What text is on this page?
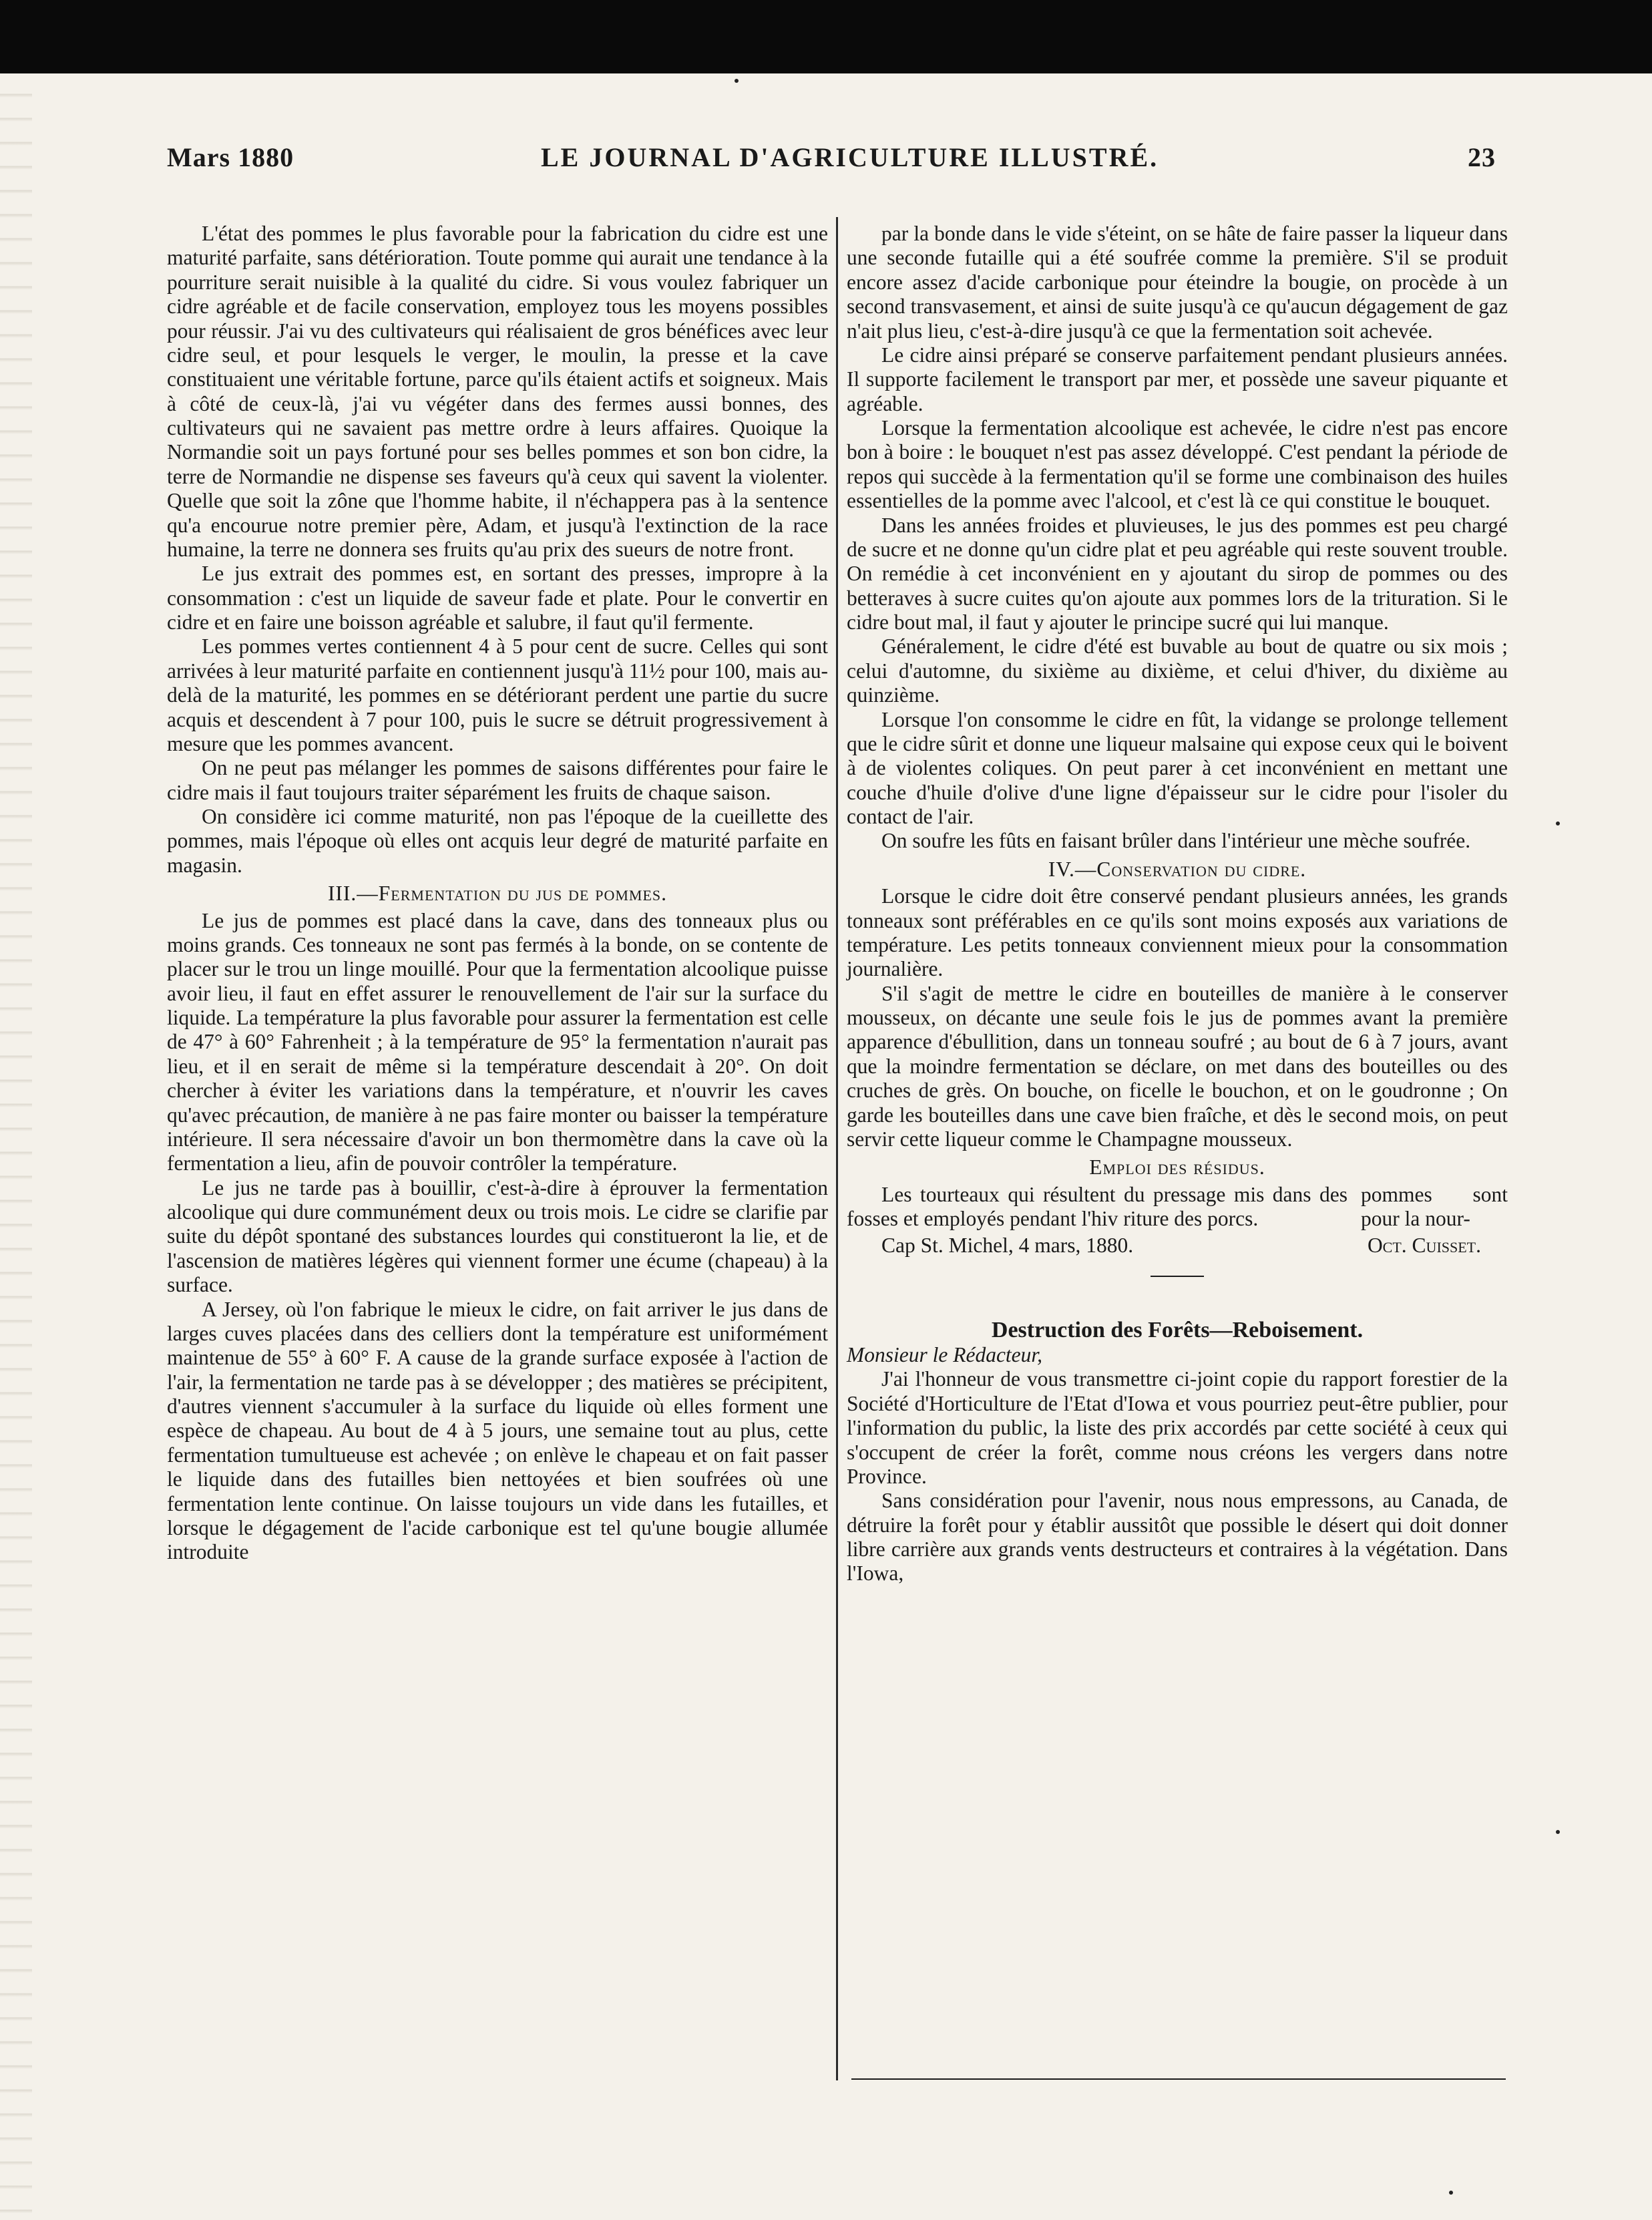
Mars 1880	LE JOURNAL D'AGRICULTURE ILLUSTRÉ.	23

L'état des pommes le plus favorable pour la fabrication du cidre est une maturité parfaite, sans détérioration. Toute pomme qui aurait une tendance à la pourriture serait nuisible à la qualité du cidre. Si vous voulez fabriquer un cidre agréable et de facile conservation, employez tous les moyens possibles pour réussir. J'ai vu des cultivateurs qui réalisaient de gros bénéfices avec leur cidre seul, et pour lesquels le verger, le moulin, la presse et la cave constituaient une véritable fortune, parce qu'ils étaient actifs et soigneux. Mais à côté de ceux-là, j'ai vu végéter dans des fermes aussi bonnes, des cultivateurs qui ne savaient pas mettre ordre à leurs affaires. Quoique la Normandie soit un pays fortuné pour ses belles pommes et son bon cidre, la terre de Normandie ne dispense ses faveurs qu'à ceux qui savent la violenter. Quelle que soit la zône que l'homme habite, il n'échappera pas à la sentence qu'a encourue notre premier père, Adam, et jusqu'à l'extinction de la race humaine, la terre ne donnera ses fruits qu'au prix des sueurs de notre front.

Le jus extrait des pommes est, en sortant des presses, impropre à la consommation : c'est un liquide de saveur fade et plate. Pour le convertir en cidre et en faire une boisson agréable et salubre, il faut qu'il fermente.

Les pommes vertes contiennent 4 à 5 pour cent de sucre. Celles qui sont arrivées à leur maturité parfaite en contiennent jusqu'à 11½ pour 100, mais au-delà de la maturité, les pommes en se détériorant perdent une partie du sucre acquis et descendent à 7 pour 100, puis le sucre se détruit progressivement à mesure que les pommes avancent.

On ne peut pas mélanger les pommes de saisons différentes pour faire le cidre mais il faut toujours traiter séparément les fruits de chaque saison.

On considère ici comme maturité, non pas l'époque de la cueillette des pommes, mais l'époque où elles ont acquis leur degré de maturité parfaite en magasin.

III.—Fermentation du jus de pommes.

Le jus de pommes est placé dans la cave, dans des tonneaux plus ou moins grands. Ces tonneaux ne sont pas fermés à la bonde, on se contente de placer sur le trou un linge mouillé. Pour que la fermentation alcoolique puisse avoir lieu, il faut en effet assurer le renouvellement de l'air sur la surface du liquide. La température la plus favorable pour assurer la fermentation est celle de 47° à 60° Fahrenheit ; à la température de 95° la fermentation n'aurait pas lieu, et il en serait de même si la température descendait à 20°. On doit chercher à éviter les variations dans la température, et n'ouvrir les caves qu'avec précaution, de manière à ne pas faire monter ou baisser la température intérieure. Il sera nécessaire d'avoir un bon thermomètre dans la cave où la fermentation a lieu, afin de pouvoir contrôler la température.

Le jus ne tarde pas à bouillir, c'est-à-dire à éprouver la fermentation alcoolique qui dure communément deux ou trois mois. Le cidre se clarifie par suite du dépôt spontané des substances lourdes qui constitueront la lie, et de l'ascension de matières légères qui viennent former une écume (chapeau) à la surface.

A Jersey, où l'on fabrique le mieux le cidre, on fait arriver le jus dans de larges cuves placées dans des celliers dont la température est uniformément maintenue de 55° à 60° F. A cause de la grande surface exposée à l'action de l'air, la fermentation ne tarde pas à se développer ; des matières se précipitent, d'autres viennent s'accumuler à la surface du liquide où elles forment une espèce de chapeau. Au bout de 4 à 5 jours, une semaine tout au plus, cette fermentation tumultueuse est achevée ; on enlève le chapeau et on fait passer le liquide dans des futailles bien nettoyées et bien soufrées où une fermentation lente continue. On laisse toujours un vide dans les futailles, et lorsque le dégagement de l'acide carbonique est tel qu'une bougie allumée introduite

par la bonde dans le vide s'éteint, on se hâte de faire passer la liqueur dans une seconde futaille qui a été soufrée comme la première. S'il se produit encore assez d'acide carbonique pour éteindre la bougie, on procède à un second transvasement, et ainsi de suite jusqu'à ce qu'aucun dégagement de gaz n'ait plus lieu, c'est-à-dire jusqu'à ce que la fermentation soit achevée.

Le cidre ainsi préparé se conserve parfaitement pendant plusieurs années. Il supporte facilement le transport par mer, et possède une saveur piquante et agréable.

Lorsque la fermentation alcoolique est achevée, le cidre n'est pas encore bon à boire : le bouquet n'est pas assez développé. C'est pendant la période de repos qui succède à la fermentation qu'il se forme une combinaison des huiles essentielles de la pomme avec l'alcool, et c'est là ce qui constitue le bouquet.

Dans les années froides et pluvieuses, le jus des pommes est peu chargé de sucre et ne donne qu'un cidre plat et peu agréable qui reste souvent trouble. On remédie à cet inconvénient en y ajoutant du sirop de pommes ou des betteraves à sucre cuites qu'on ajoute aux pommes lors de la trituration. Si le cidre bout mal, il faut y ajouter le principe sucré qui lui manque.

Généralement, le cidre d'été est buvable au bout de quatre ou six mois ; celui d'automne, du sixième au dixième, et celui d'hiver, du dixième au quinzième.

Lorsque l'on consomme le cidre en fût, la vidange se prolonge tellement que le cidre sûrit et donne une liqueur malsaine qui expose ceux qui le boivent à de violentes coliques. On peut parer à cet inconvénient en mettant une couche d'huile d'olive d'une ligne d'épaisseur sur le cidre pour l'isoler du contact de l'air.

On soufre les fûts en faisant brûler dans l'intérieur une mèche soufrée.

IV.—Conservation du cidre.

Lorsque le cidre doit être conservé pendant plusieurs années, les grands tonneaux sont préférables en ce qu'ils sont moins exposés aux variations de température. Les petits tonneaux conviennent mieux pour la consommation journalière.

S'il s'agit de mettre le cidre en bouteilles de manière à le conserver mousseux, on décante une seule fois le jus de pommes avant la première apparence d'ébullition, dans un tonneau soufré ; au bout de 6 à 7 jours, avant que la moindre fermentation se déclare, on met dans des bouteilles ou des cruches de grès. On bouche, on ficelle le bouchon, et on le goudronne ; On garde les bouteilles dans une cave bien fraîche, et dès le second mois, on peut servir cette liqueur comme le Champagne mousseux.

Emploi des résidus.

Les tourteaux qui résultent du pressage mis dans des fosses et employés pendant l'hiv riture des porcs.

pommes sont pour la nour-

Cap St. Michel, 4 mars, 1880.	Oct. Cuisset.

Destruction des Forêts—Reboisement.

Monsieur le Rédacteur,

J'ai l'honneur de vous transmettre ci-joint copie du rapport forestier de la Société d'Horticulture de l'Etat d'Iowa et vous pourriez peut-être publier, pour l'information du public, la liste des prix accordés par cette société à ceux qui s'occupent de créer la forêt, comme nous créons les vergers dans notre Province.

Sans considération pour l'avenir, nous nous empressons, au Canada, de détruire la forêt pour y établir aussitôt que possible le désert qui doit donner libre carrière aux grands vents destructeurs et contraires à la végétation. Dans l'Iowa,
